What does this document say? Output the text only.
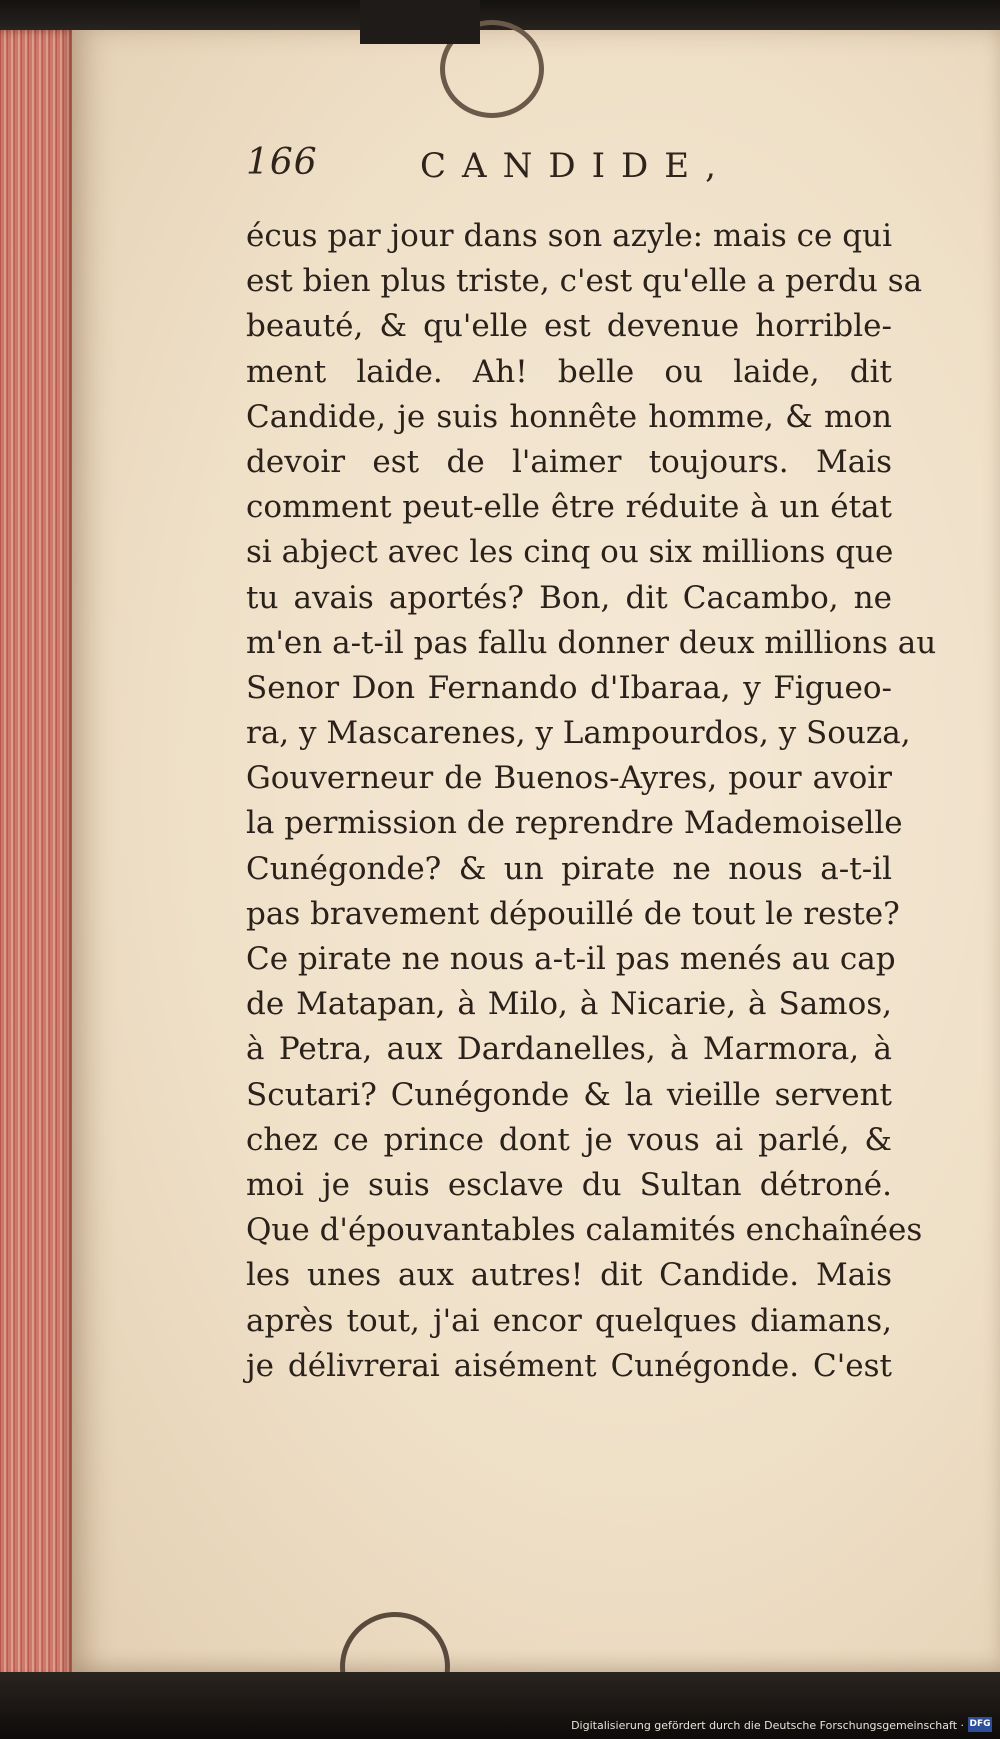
166	CANDIDE,
écus par jour dans son azyle: mais ce qui
est bien plus triste, c'est qu'elle a perdu sa
beauté, & qu'elle est devenue horrible-
ment laide. Ah! belle ou laide, dit
Candide, je suis honnête homme, & mon
devoir est de l'aimer toujours. Mais
comment peut-elle être réduite à un état
si abject avec les cinq ou six millions que
tu avais aportés? Bon, dit Cacambo, ne
m'en a-t-il pas fallu donner deux millions au
Senor Don Fernando d'Ibaraa, y Figueo-
ra, y Mascarenes, y Lampourdos, y Souza,
Gouverneur de Buenos-Ayres, pour avoir
la permission de reprendre Mademoiselle
Cunégonde? & un pirate ne nous a-t-il
pas bravement dépouillé de tout le reste?
Ce pirate ne nous a-t-il pas menés au cap
de Matapan, à Milo, à Nicarie, à Samos,
à Petra, aux Dardanelles, à Marmora, à
Scutari? Cunégonde & la vieille servent
chez ce prince dont je vous ai parlé, &
moi je suis esclave du Sultan détroné.
Que d'épouvantables calamités enchaînées
les unes aux autres! dit Candide. Mais
après tout, j'ai encor quelques diamans,
je délivrerai aisément Cunégonde. C'est
Digitalisierung gefördert durch die Deutsche Forschungsgemeinschaft · DFG
